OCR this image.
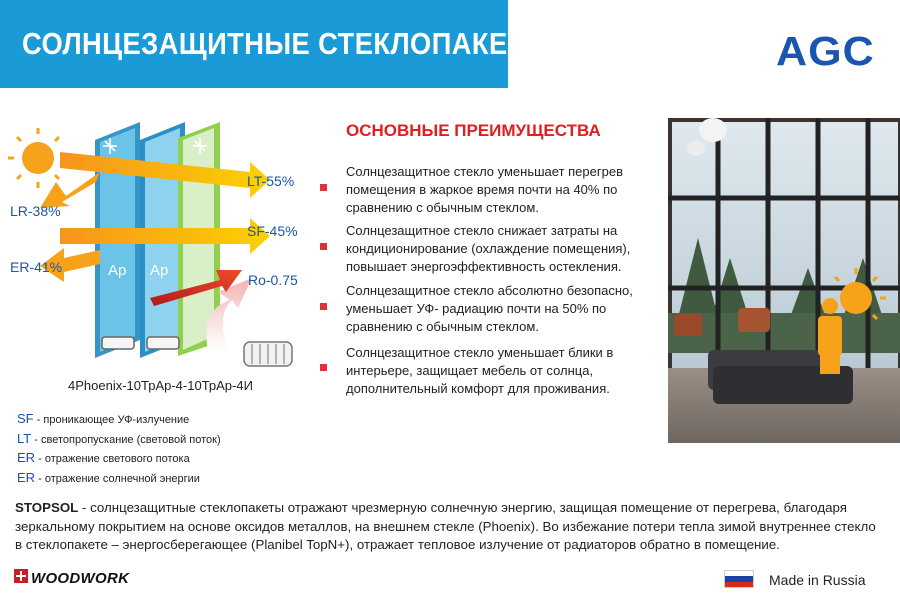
СОЛНЦЕЗАЩИТНЫЕ СТЕКЛОПАКЕТЫ	AGC
LT-55%
SF-45%
Ro-0.75
LR-38%
ER-41%	Ар Ар
4Phoenix-10ТрАр-4-10ТрАр-4И
ОСНОВНЫЕ ПРЕИМУЩЕСТВА
Солнцезащитное стекло уменьшает перегрев
помещения в жаркое время почти на 40% по
сравнению с обычным стеклом.
Солнцезащитное стекло снижает затраты на
кондиционирование (охлаждение помещения),
повышает энергоэффективность остекления.
Солнцезащитное стекло абсолютно безопасно,
уменьшает УФ- радиацию почти на 50% по
сравнению с обычным стеклом.
Солнцезащитное стекло уменьшает блики в
интерьере, защищает мебель от солнца,
дополнительный комфорт для проживания.
SF - проникающее УФ-излучение
LT - светопропускание (световой поток)
ER - отражение светового потока
ER - отражение солнечной энергии
STOPSOL - солнцезащитные стеклопакеты отражают чрезмерную солнечную энергию, защищая помещение от перегрева, благодаря зеркальному покрытием на основе оксидов металлов, на внешнем стекле (Phoenix). Во избежание потери тепла зимой внутреннее стекло в стеклопакете – энергосберегающее (Planibel TopN+), отражает тепловое излучение от радиаторов обратно в помещение.
WOODWORK	Made in Russia
